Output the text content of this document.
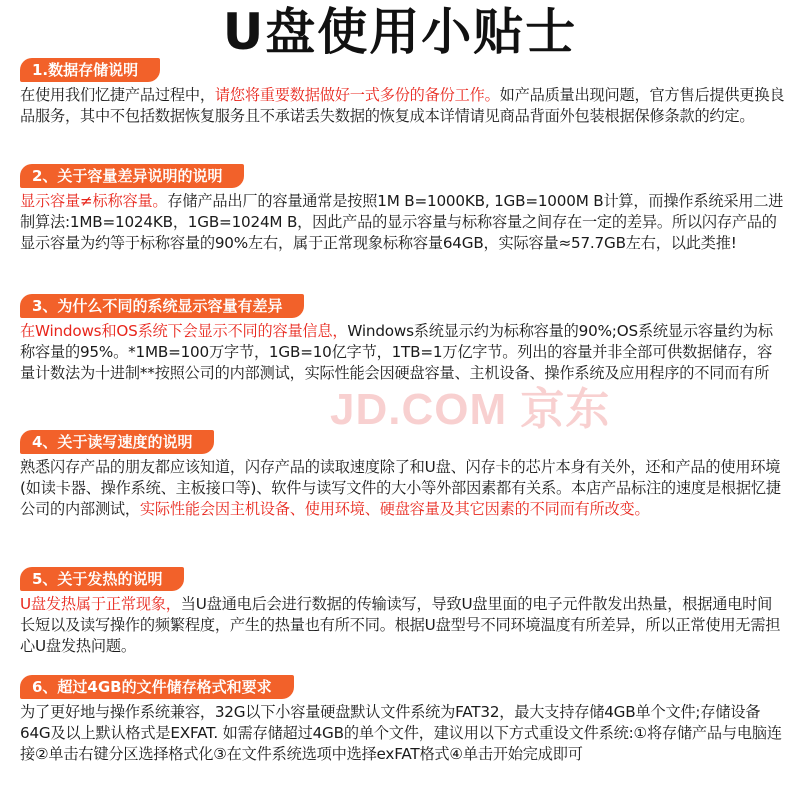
U盘使用小贴士
1.数据存储说明

在使用我们忆捷产品过程中，请您将重要数据做好一式多份的备份工作。如产品质量出现问题，官方售后提供更换良品服务，其中不包括数据恢复服务且不承诺丢失数据的恢复成本详情请见商品背面外包装根据保修条款的约定。

2、关于容量差异说明的说明

显示容量≠标称容量。存储产品出厂的容量通常是按照1M B=1000KB, 1GB=1000M B计算，而操作系统采用二进制算法:1MB=1024KB，1GB=1024M B，因此产品的显示容量与标称容量之间存在一定的差异。所以闪存产品的显示容量为约等于标称容量的90%左右，属于正常现象标称容量64GB，实际容量≈57.7GB左右，以此类推!

3、为什么不同的系统显示容量有差异

在Windows和OS系统下会显示不同的容量信息，Windows系统显示约为标称容量的90%;OS系统显示容量约为标称容量的95%。*1MB=100万字节，1GB=10亿字节，1TB=1万亿字节。列出的容量并非全部可供数据储存，容量计数法为十进制**按照公司的内部测试，实际性能会因硬盘容量、主机设备、操作系统及应用程序的不同而有所

JD.COM 京东
4、关于读写速度的说明

熟悉闪存产品的朋友都应该知道，闪存产品的读取速度除了和U盘、闪存卡的芯片本身有关外，还和产品的使用环境(如读卡器、操作系统、主板接口等)、软件与读写文件的大小等外部因素都有关系。本店产品标注的速度是根据忆捷公司的内部测试，实际性能会因主机设备、使用环境、硬盘容量及其它因素的不同而有所改变。

5、关于发热的说明

U盘发热属于正常现象，当U盘通电后会进行数据的传输读写，导致U盘里面的电子元件散发出热量，根据通电时间长短以及读写操作的频繁程度，产生的热量也有所不同。根据U盘型号不同环境温度有所差异，所以正常使用无需担心U盘发热问题。

6、超过4GB的文件储存格式和要求

为了更好地与操作系统兼容，32G以下小容量硬盘默认文件系统为FAT32，最大支持存储4GB单个文件;存储设备64G及以上默认格式是EXFAT. 如需存储超过4GB的单个文件，建议用以下方式重设文件系统:①将存储产品与电脑连接②单击右键分区选择格式化③在文件系统选项中选择exFAT格式④单击开始完成即可
